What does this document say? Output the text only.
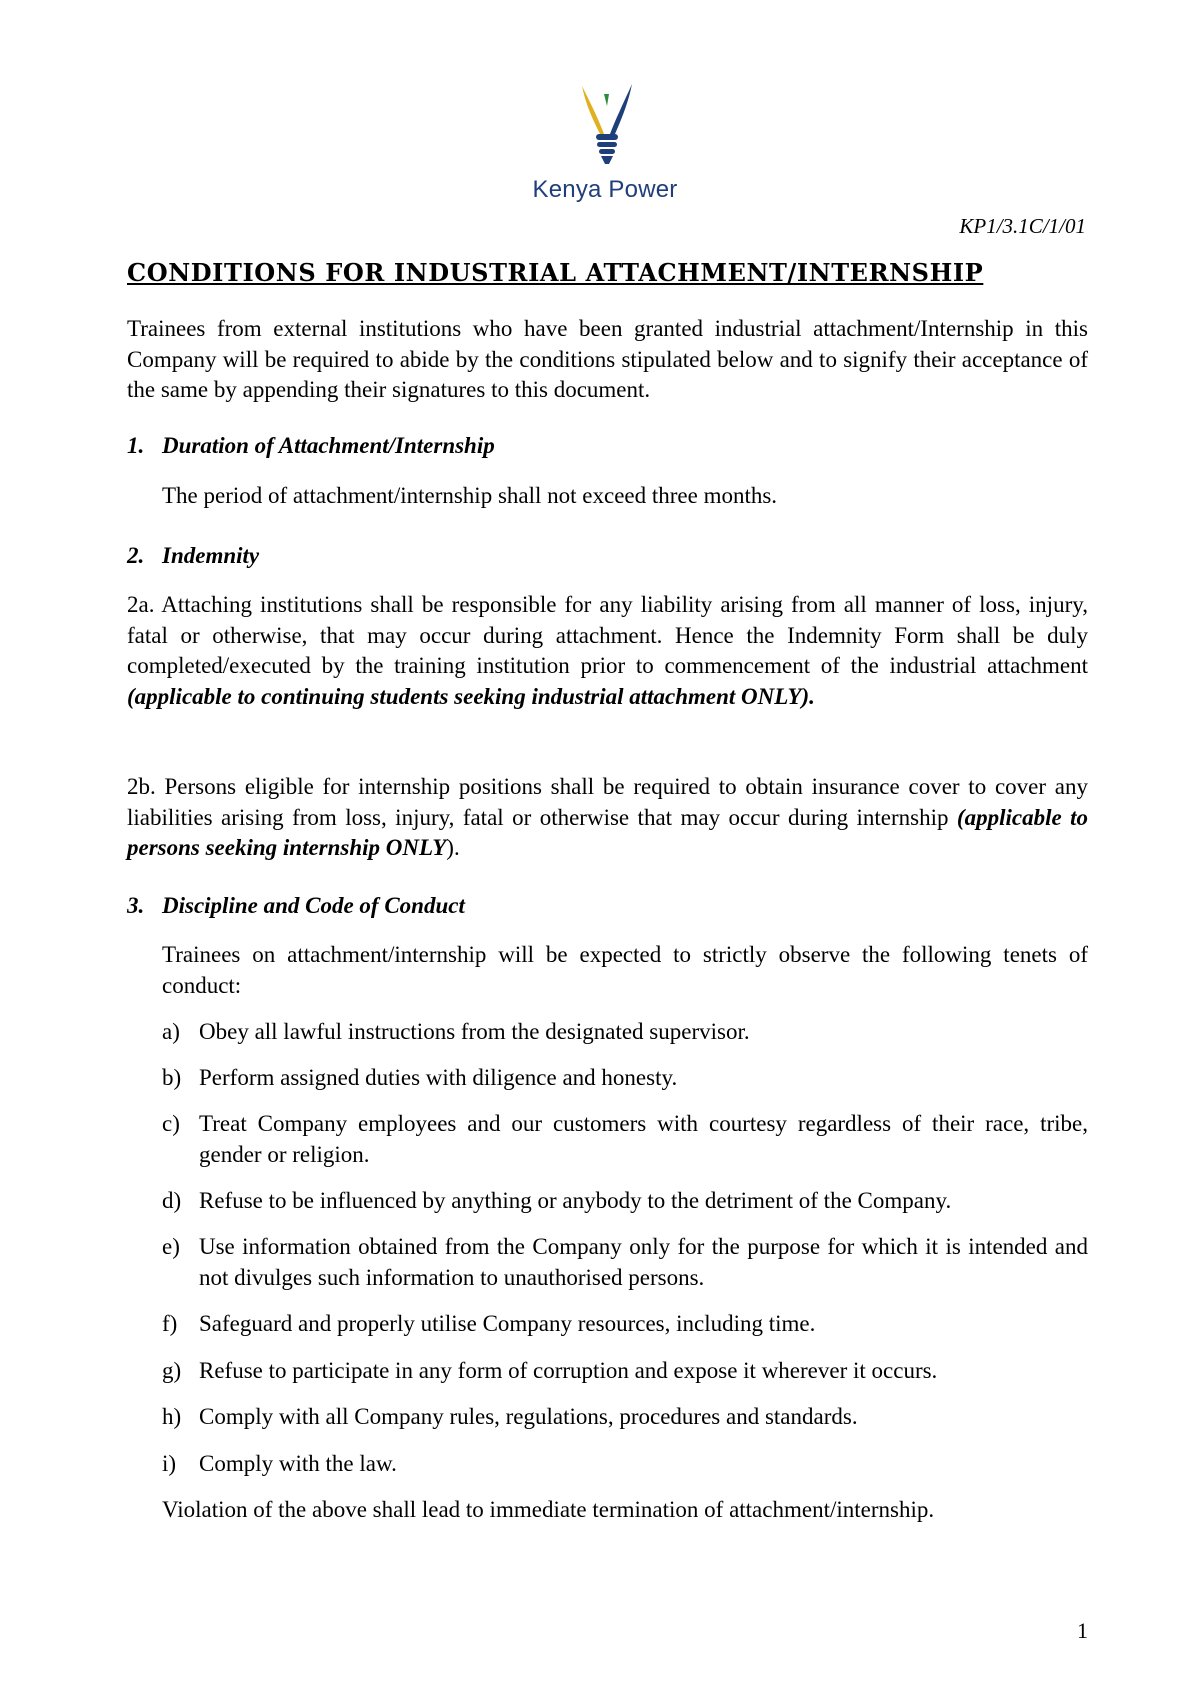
Kenya Power
KP1/3.1C/1/01
CONDITIONS FOR INDUSTRIAL ATTACHMENT/INTERNSHIP
Trainees from external institutions who have been granted industrial attachment/Internship in this Company will be required to abide by the conditions stipulated below and to signify their acceptance of the same by appending their signatures to this document.
1. Duration of Attachment/Internship
The period of attachment/internship shall not exceed three months.
2. Indemnity
2a. Attaching institutions shall be responsible for any liability arising from all manner of loss, injury, fatal or otherwise, that may occur during attachment. Hence the Indemnity Form shall be duly completed/executed by the training institution prior to commencement of the industrial attachment (applicable to continuing students seeking industrial attachment ONLY).
2b. Persons eligible for internship positions shall be required to obtain insurance cover to cover any liabilities arising from loss, injury, fatal or otherwise that may occur during internship (applicable to persons seeking internship ONLY).
3. Discipline and Code of Conduct
Trainees on attachment/internship will be expected to strictly observe the following tenets of conduct:
a) Obey all lawful instructions from the designated supervisor.
b) Perform assigned duties with diligence and honesty.
c) Treat Company employees and our customers with courtesy regardless of their race, tribe, gender or religion.
d) Refuse to be influenced by anything or anybody to the detriment of the Company.
e) Use information obtained from the Company only for the purpose for which it is intended and not divulges such information to unauthorised persons.
f) Safeguard and properly utilise Company resources, including time.
g) Refuse to participate in any form of corruption and expose it wherever it occurs.
h) Comply with all Company rules, regulations, procedures and standards.
i) Comply with the law.
Violation of the above shall lead to immediate termination of attachment/internship.
1
